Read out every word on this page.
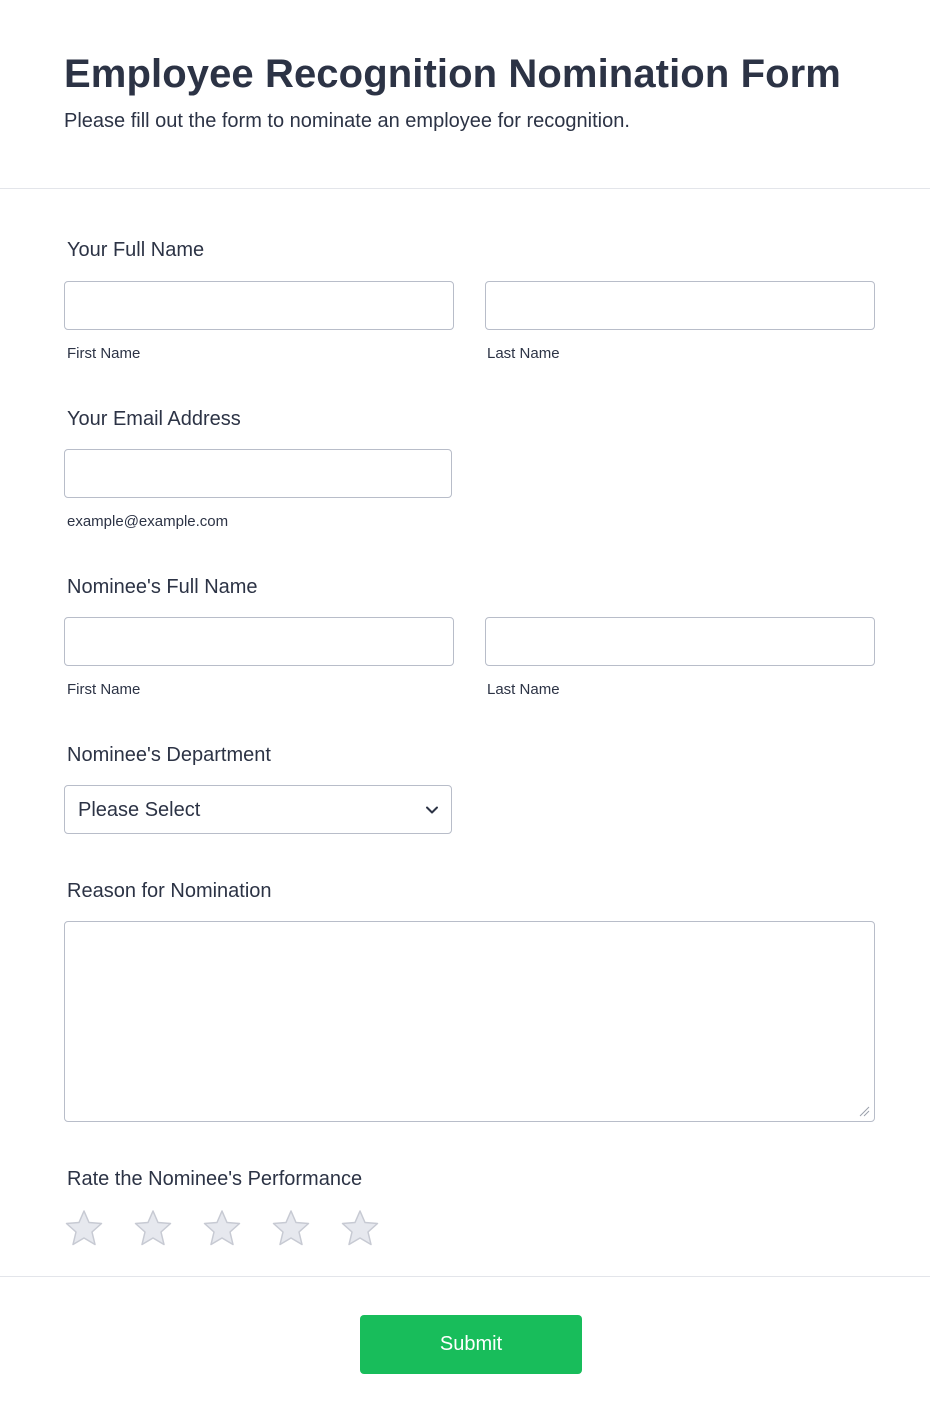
Employee Recognition Nomination Form

Please fill out the form to nominate an employee for recognition.

Your Full Name
First Name	Last Name
Your Email Address
example@example.com
Nominee's Full Name
First Name	Last Name
Nominee's Department
Please Select
Reason for Nomination
Rate the Nominee's Performance
Submit
